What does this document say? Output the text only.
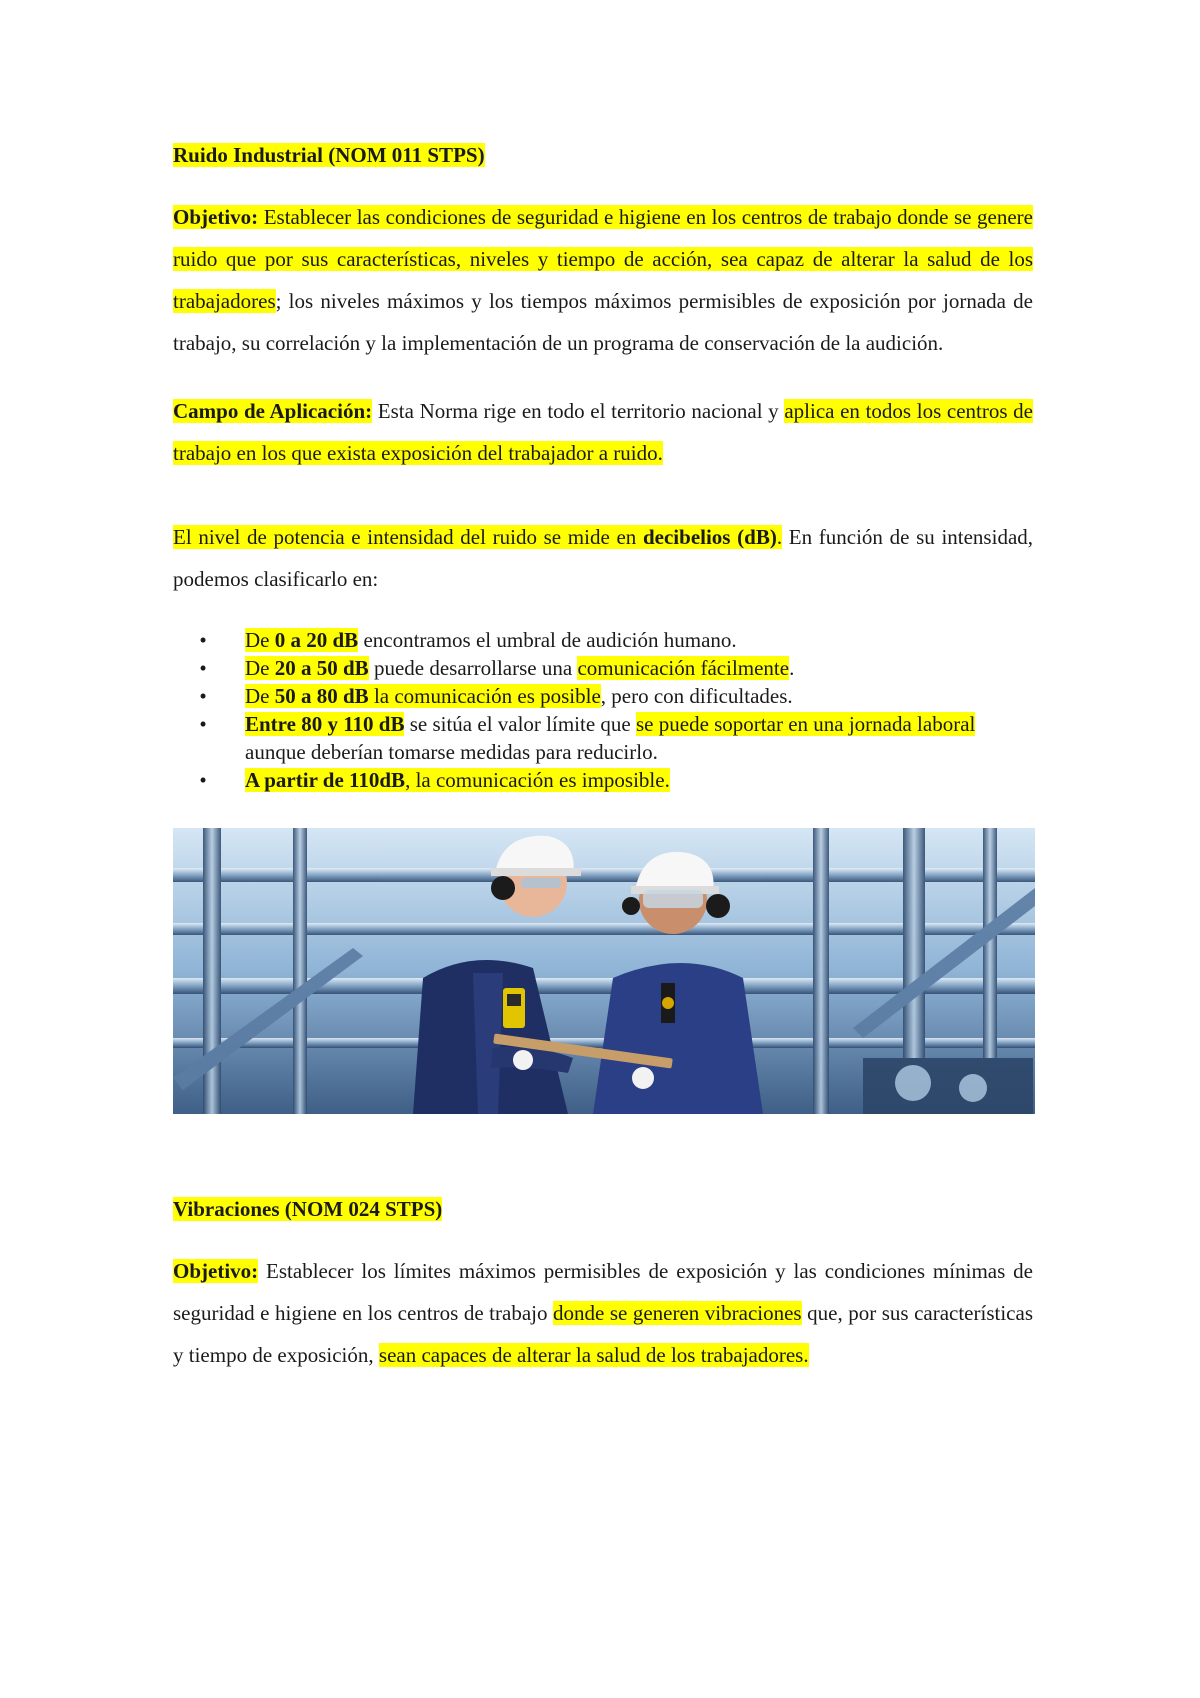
Ruido Industrial (NOM 011 STPS)

Objetivo: Establecer las condiciones de seguridad e higiene en los centros de trabajo donde se genere ruido que por sus características, niveles y tiempo de acción, sea capaz de alterar la salud de los trabajadores; los niveles máximos y los tiempos máximos permisibles de exposición por jornada de trabajo, su correlación y la implementación de un programa de conservación de la audición.

Campo de Aplicación: Esta Norma rige en todo el territorio nacional y aplica en todos los centros de trabajo en los que exista exposición del trabajador a ruido.

El nivel de potencia e intensidad del ruido se mide en decibelios (dB). En función de su intensidad, podemos clasificarlo en:

•	De 0 a 20 dB encontramos el umbral de audición humano.
•	De 20 a 50 dB puede desarrollarse una comunicación fácilmente.
•	De 50 a 80 dB la comunicación es posible, pero con dificultades.
•	Entre 80 y 110 dB se sitúa el valor límite que se puede soportar en una jornada laboral aunque deberían tomarse medidas para reducirlo.
•	A partir de 110dB, la comunicación es imposible.

Vibraciones (NOM 024 STPS)

Objetivo: Establecer los límites máximos permisibles de exposición y las condiciones mínimas de seguridad e higiene en los centros de trabajo donde se generen vibraciones que, por sus características y tiempo de exposición, sean capaces de alterar la salud de los trabajadores.
